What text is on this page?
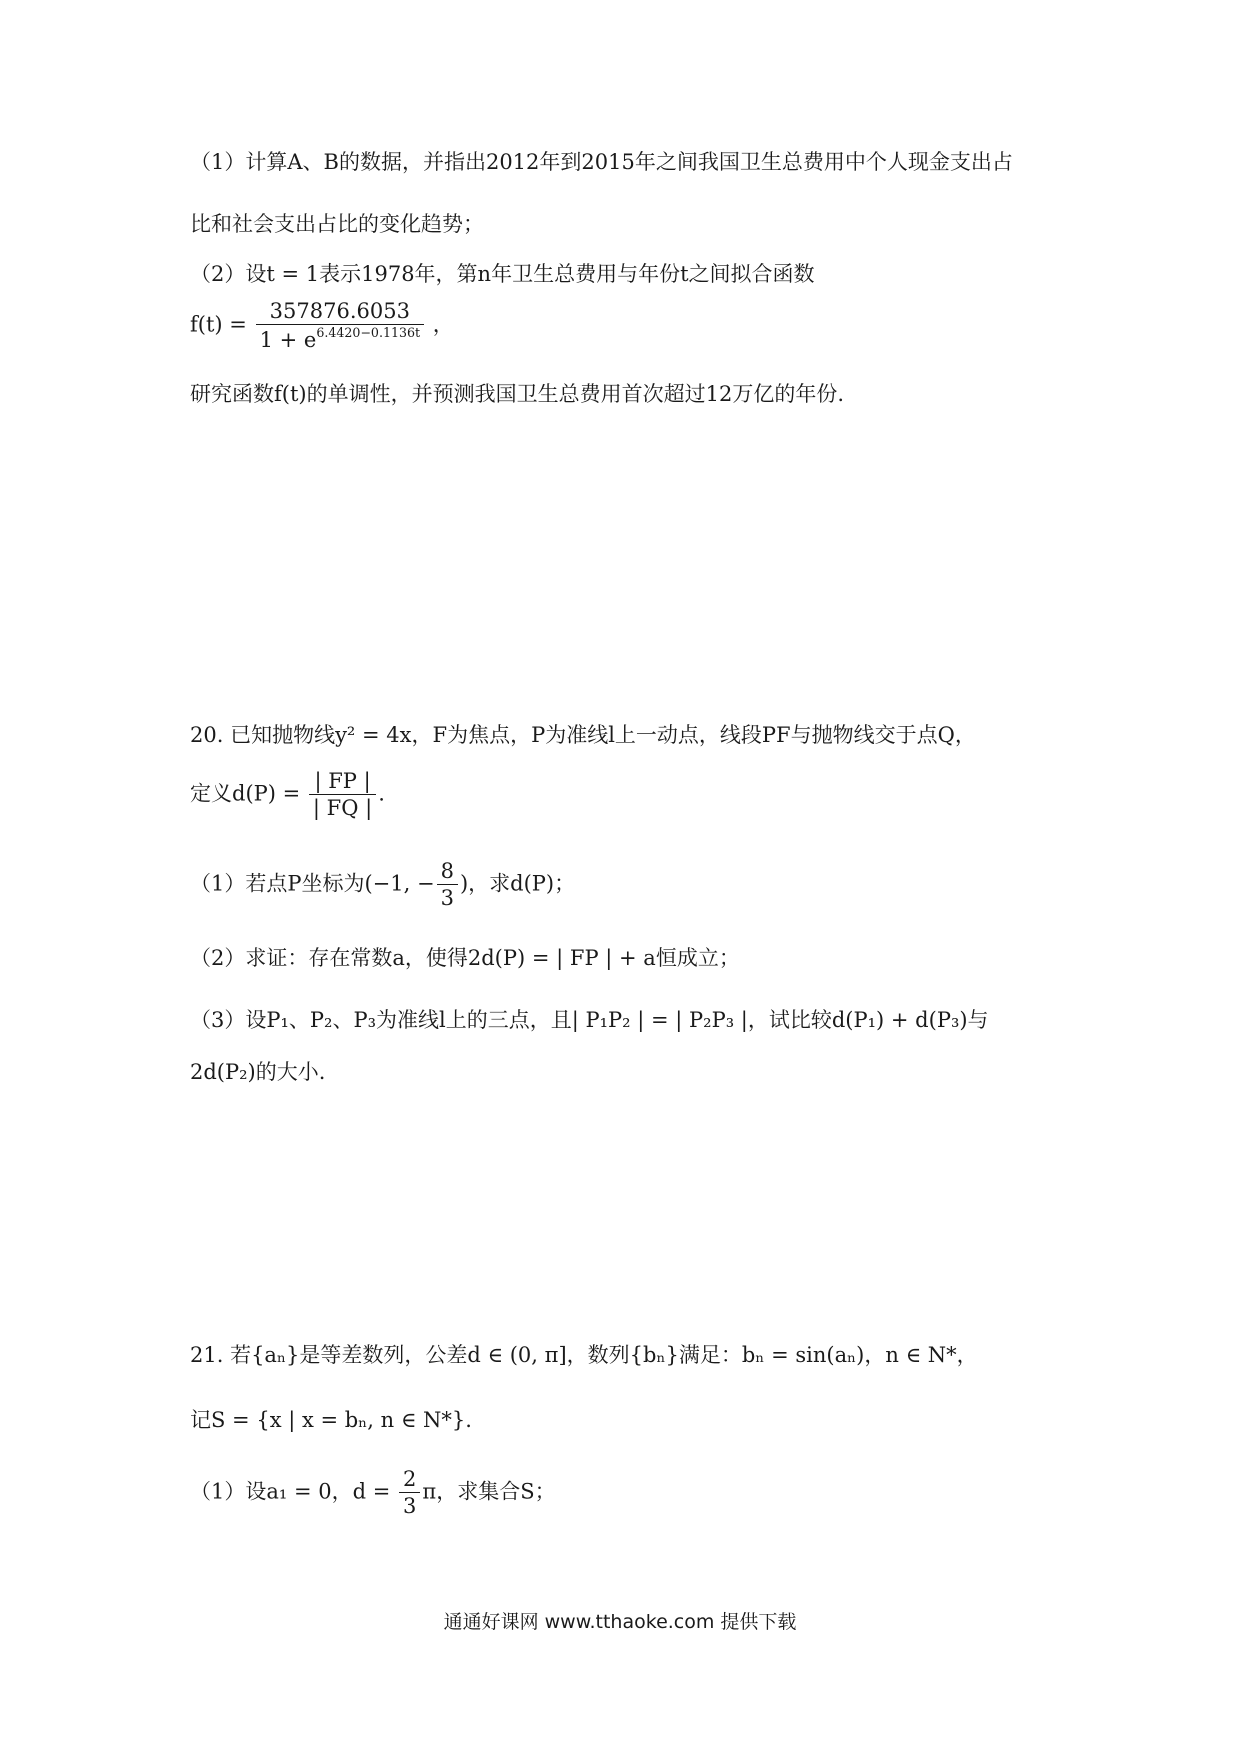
（1）计算A、B的数据，并指出2012年到2015年之间我国卫生总费用中个人现金支出占
比和社会支出占比的变化趋势；
（2）设t = 1表示1978年，第n年卫生总费用与年份t之间拟合函数
$f(t) = \frac{357876.6053}{1 + e^{6.4420-0.1136t}}$ ，
研究函数f(t)的单调性，并预测我国卫生总费用首次超过12万亿的年份.
20. 已知抛物线y² = 4x，F为焦点，P为准线l上一动点，线段PF与抛物线交于点Q，
定义$d(P) = \frac{| FP |}{| FQ |}$ .
（1）若点P坐标为(−1, − $\frac{8}{3}$ )，求d(P)；
（2）求证：存在常数a，使得2d(P) = | FP | + a恒成立；
（3）设P₁、P₂、P₃为准线l上的三点，且| P₁P₂ | = | P₂P₃ |，试比较d(P₁) + d(P₃)与
2d(P₂)的大小.
21. 若{aₙ}是等差数列，公差d ∈ (0, π]，数列{bₙ}满足：bₙ = sin(aₙ)，n ∈ N*，
记S = {x | x = bₙ, n ∈ N*}.
（1）设a₁ = 0，$d = \frac{2}{3}$ π，求集合S；
通通好课网 www.tthaoke.com 提供下载
